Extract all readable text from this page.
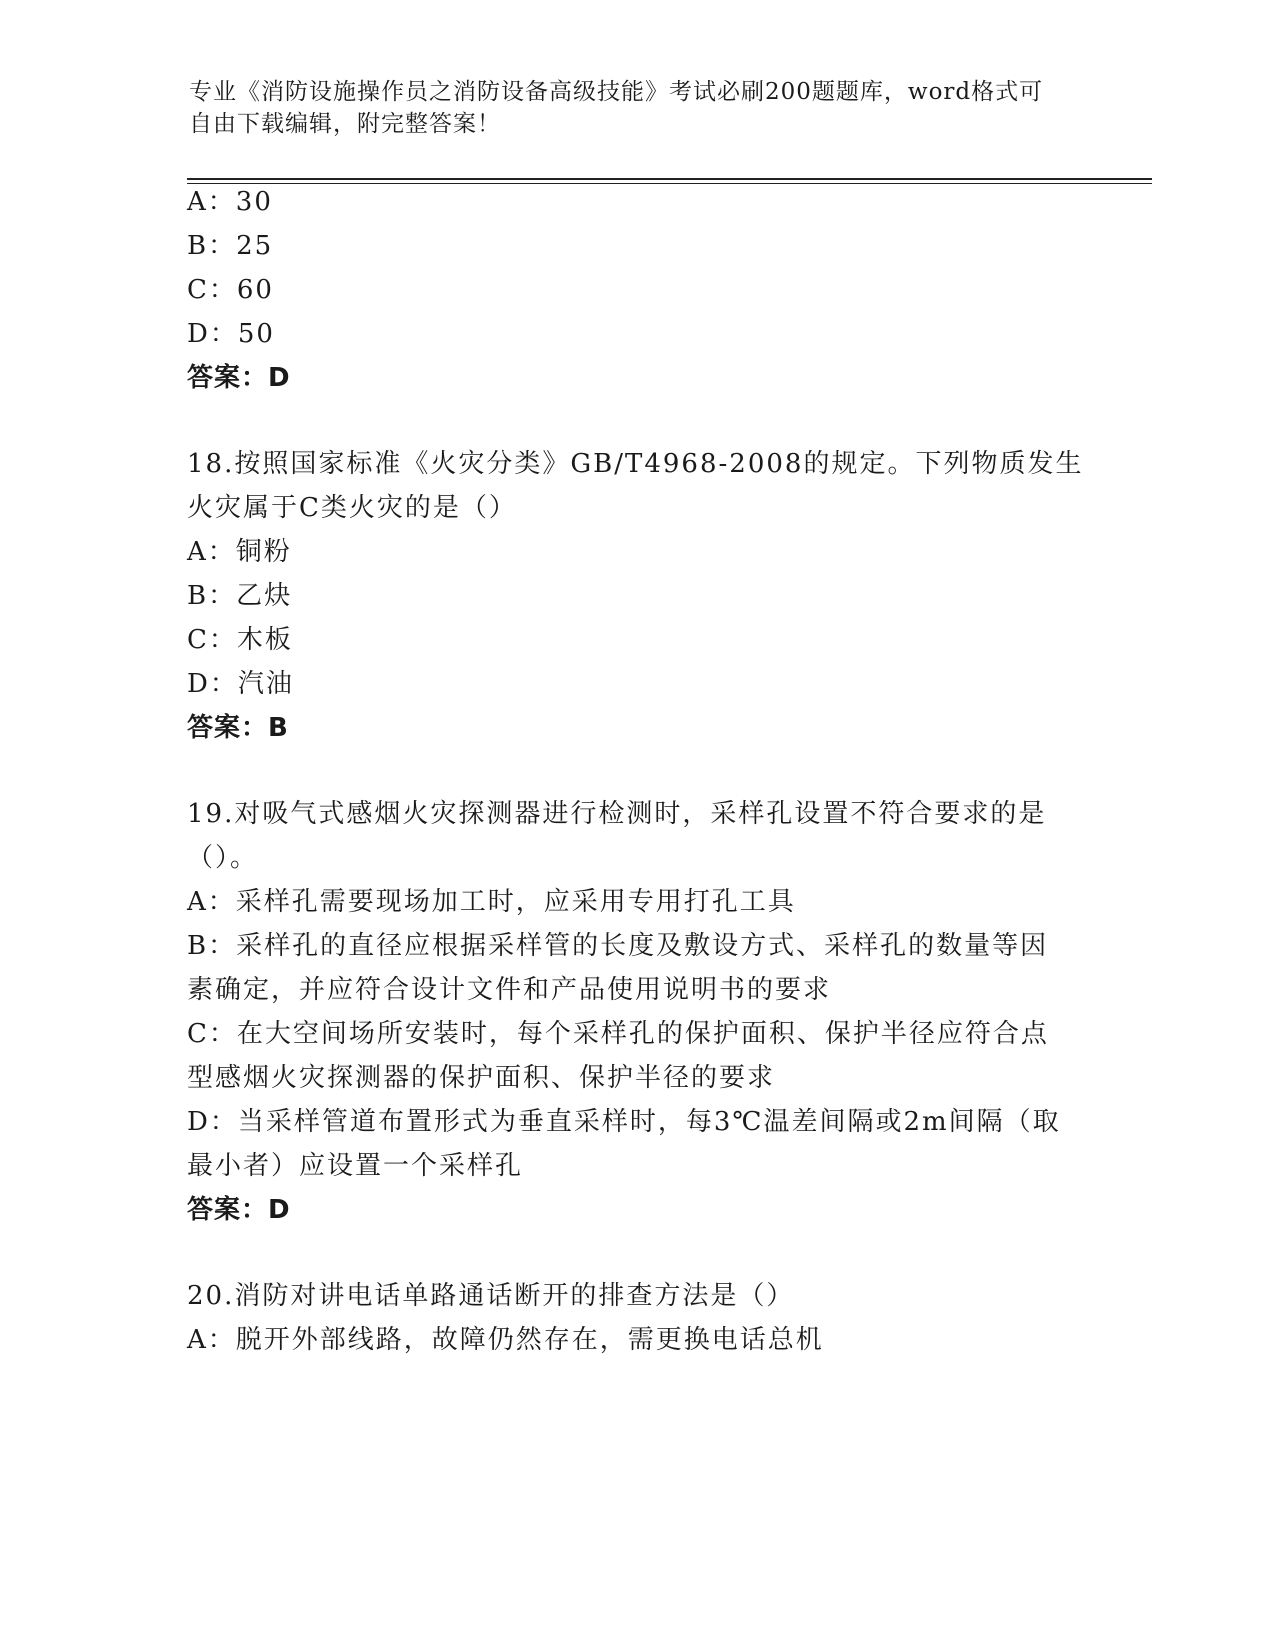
专业《消防设施操作员之消防设备高级技能》考试必刷200题题库，word格式可
自由下载编辑，附完整答案！
A：30
B：25
C：60
D：50
答案：D
18.按照国家标准《火灾分类》GB/T4968-2008的规定。下列物质发生
火灾属于C类火灾的是（）
A：铜粉
B：乙炔
C：木板
D：汽油
答案：B
19.对吸气式感烟火灾探测器进行检测时，采样孔设置不符合要求的是
（）。
A：采样孔需要现场加工时，应采用专用打孔工具
B：采样孔的直径应根据采样管的长度及敷设方式、采样孔的数量等因
素确定，并应符合设计文件和产品使用说明书的要求
C：在大空间场所安装时，每个采样孔的保护面积、保护半径应符合点
型感烟火灾探测器的保护面积、保护半径的要求
D：当采样管道布置形式为垂直采样时，每3℃温差间隔或2m间隔（取
最小者）应设置一个采样孔
答案：D
20.消防对讲电话单路通话断开的排查方法是（）
A：脱开外部线路，故障仍然存在，需更换电话总机
